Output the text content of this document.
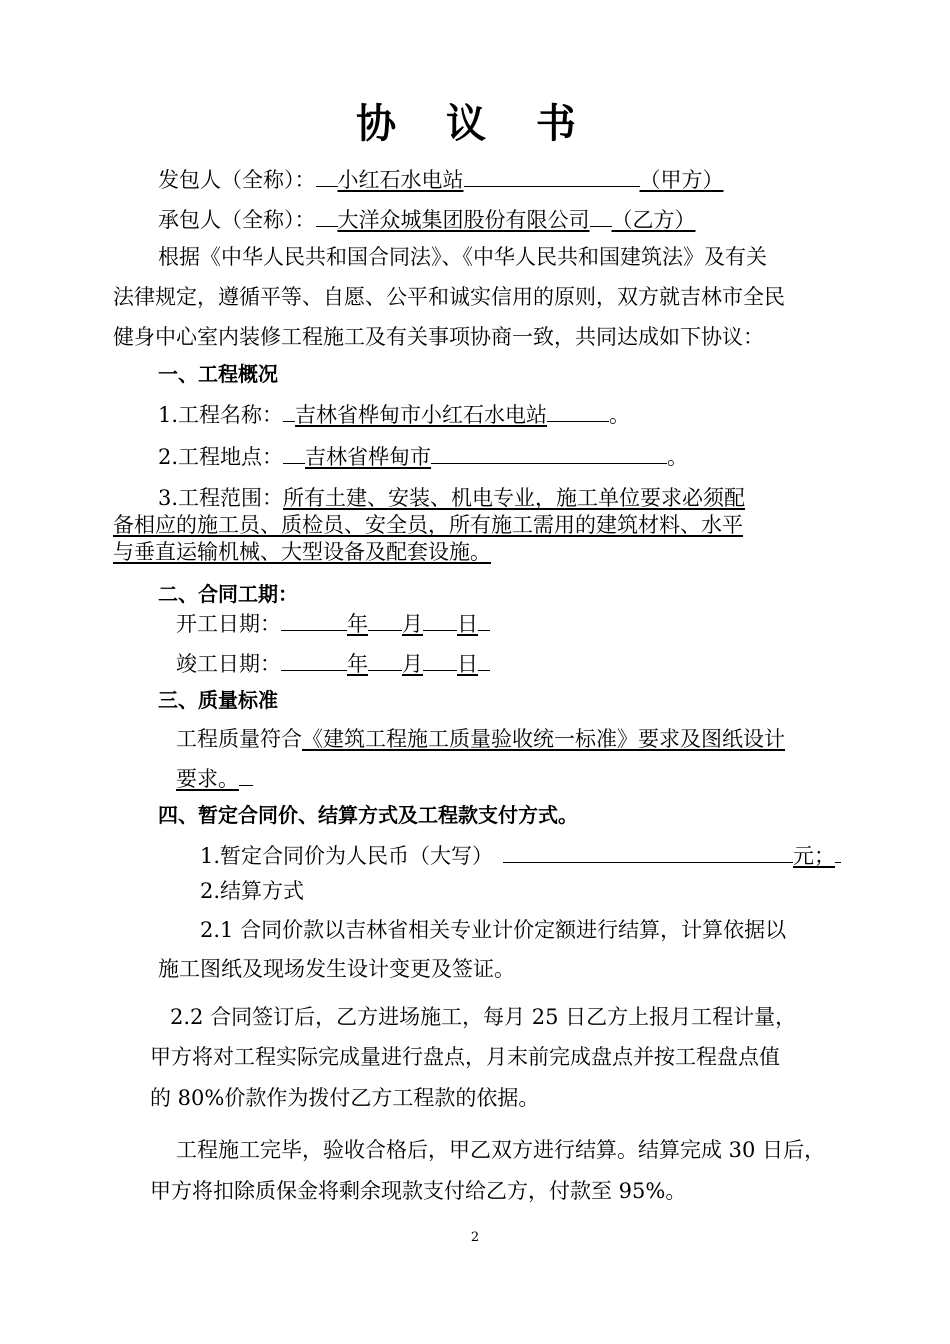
协 议 书
发包人（全称）： 小红石水电站	（甲方）
承包人（全称）： 大洋众城集团股份有限公司 （乙方）
根据《中华人民共和国合同法》、《中华人民共和国建筑法》及有关
法律规定，遵循平等、自愿、公平和诚实信用的原则，双方就吉林市全民
健身中心室内装修工程施工及有关事项协商一致，共同达成如下协议：
一、工程概况
1.工程名称： 吉林省桦甸市小红石水电站	。
2.工程地点： 吉林省桦甸市	。
3.工程范围：所有土建、安装、机电专业，施工单位要求必须配
备相应的施工员、质检员、安全员，所有施工需用的建筑材料、水平
与垂直运输机械、大型设备及配套设施。
二、合同工期：
开工日期：	年 月 日
竣工日期：	年 月 日
三、质量标准
工程质量符合《建筑工程施工质量验收统一标准》要求及图纸设计
要求。
四、暂定合同价、结算方式及工程款支付方式。
1.暂定合同价为人民币（大写）	元；
2.结算方式
2.1 合同价款以吉林省相关专业计价定额进行结算，计算依据以
施工图纸及现场发生设计变更及签证。
2.2 合同签订后，乙方进场施工，每月 25 日乙方上报月工程计量，
甲方将对工程实际完成量进行盘点，月末前完成盘点并按工程盘点值
的 80%价款作为拨付乙方工程款的依据。
工程施工完毕，验收合格后，甲乙双方进行结算。结算完成 30 日后，
甲方将扣除质保金将剩余现款支付给乙方，付款至 95%。
2
